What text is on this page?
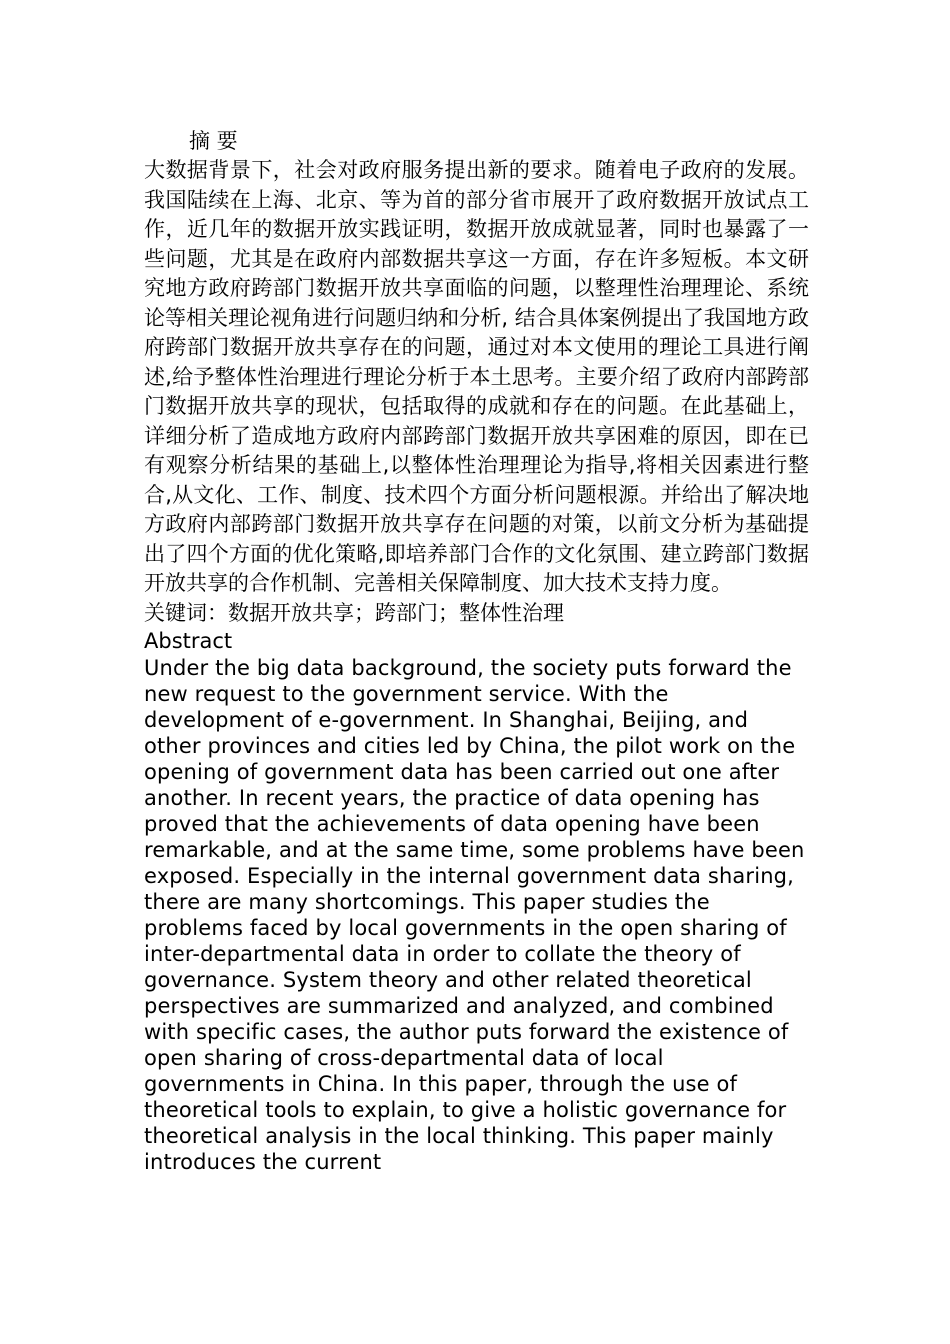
摘 要

大数据背景下，社会对政府服务提出新的要求。随着电子政府的发展。我国陆续在上海、北京、等为首的部分省市展开了政府数据开放试点工作，近几年的数据开放实践证明，数据开放成就显著，同时也暴露了一些问题，尤其是在政府内部数据共享这一方面，存在许多短板。本文研究地方政府跨部门数据开放共享面临的问题，以整理性治理理论、系统论等相关理论视角进行问题归纳和分析, 结合具体案例提出了我国地方政府跨部门数据开放共享存在的问题，通过对本文使用的理论工具进行阐述,给予整体性治理进行理论分析于本土思考。主要介绍了政府内部跨部门数据开放共享的现状，包括取得的成就和存在的问题。在此基础上，详细分析了造成地方政府内部跨部门数据开放共享困难的原因，即在已有观察分析结果的基础上,以整体性治理理论为指导,将相关因素进行整合,从文化、工作、制度、技术四个方面分析问题根源。并给出了解决地方政府内部跨部门数据开放共享存在问题的对策，以前文分析为基础提出了四个方面的优化策略,即培养部门合作的文化氛围、建立跨部门数据开放共享的合作机制、完善相关保障制度、加大技术支持力度。

关键词：数据开放共享；跨部门；整体性治理

Abstract

Under the big data background, the society puts forward the new request to the government service. With the development of e-government. In Shanghai, Beijing, and other provinces and cities led by China, the pilot work on the opening of government data has been carried out one after another. In recent years, the practice of data opening has proved that the achievements of data opening have been remarkable, and at the same time, some problems have been exposed. Especially in the internal government data sharing, there are many shortcomings. This paper studies the problems faced by local governments in the open sharing of inter-departmental data in order to collate the theory of governance. System theory and other related theoretical perspectives are summarized and analyzed, and combined with specific cases, the author puts forward the existence of open sharing of cross-departmental data of local governments in China. In this paper, through the use of theoretical tools to explain, to give a holistic governance for theoretical analysis in the local thinking. This paper mainly introduces the current
